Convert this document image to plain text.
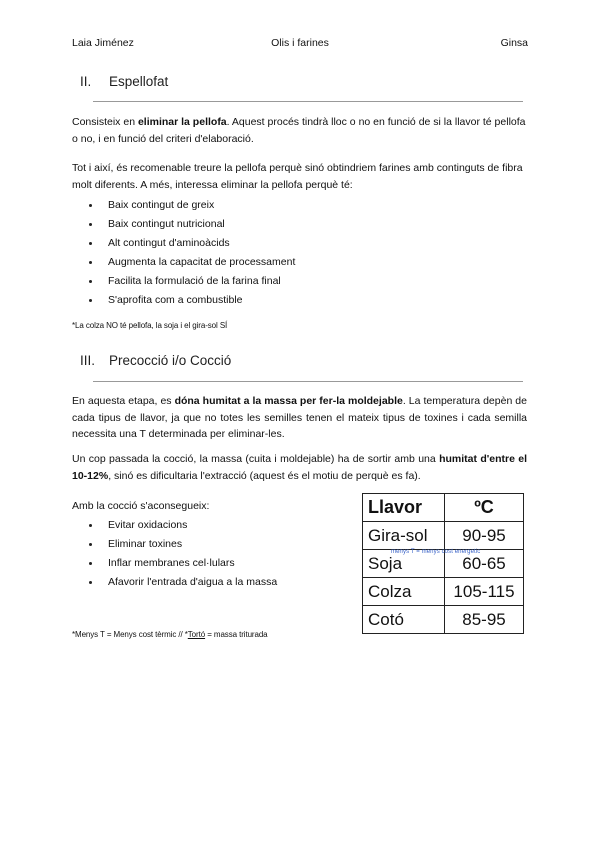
Laia Jiménez	Olis i farines	Ginsa
II. Espellofat

Consisteix en eliminar la pellofa. Aquest procés tindrà lloc o no en funció de si la llavor té pellofa o no, i en funció del criteri d'elaboració.

Tot i així, és recomenable treure la pellofa perquè sinó obtindriem farines amb continguts de fibra molt diferents. A més, interessa eliminar la pellofa perquè té:

Baix contingut de greix
Baix contingut nutricional
Alt contingut d'aminoàcids
Augmenta la capacitat de processament
Facilita la formulació de la farina final
S'aprofita com a combustible
*La colza NO té pellofa, la soja i el gira-sol SÍ
III. Precocció i/o Cocció

En aquesta etapa, es dóna humitat a la massa per fer-la moldejable. La temperatura depèn de cada tipus de llavor, ja que no totes les semilles tenen el mateix tipus de toxines i cada semilla necessita una T determinada per eliminar-les.

Un cop passada la cocció, la massa (cuita i moldejable) ha de sortir amb una humitat d'entre el 10-12%, sinó es dificultaria l'extracció (aquest és el motiu de perquè es fa).

Amb la cocció s'aconsegueix:

Evitar oxidacions
Eliminar toxines
Inflar membranes cel·lulars
Afavorir l'entrada d'aigua a la massa
*Menys T = Menys cost tèrmic // *Tortó = massa triturada
Llavor	ºC
Gira-sol	90-95
Soja	60-65
Colza	105-115
Cotó	85-95
menys T = menys cost energetic
